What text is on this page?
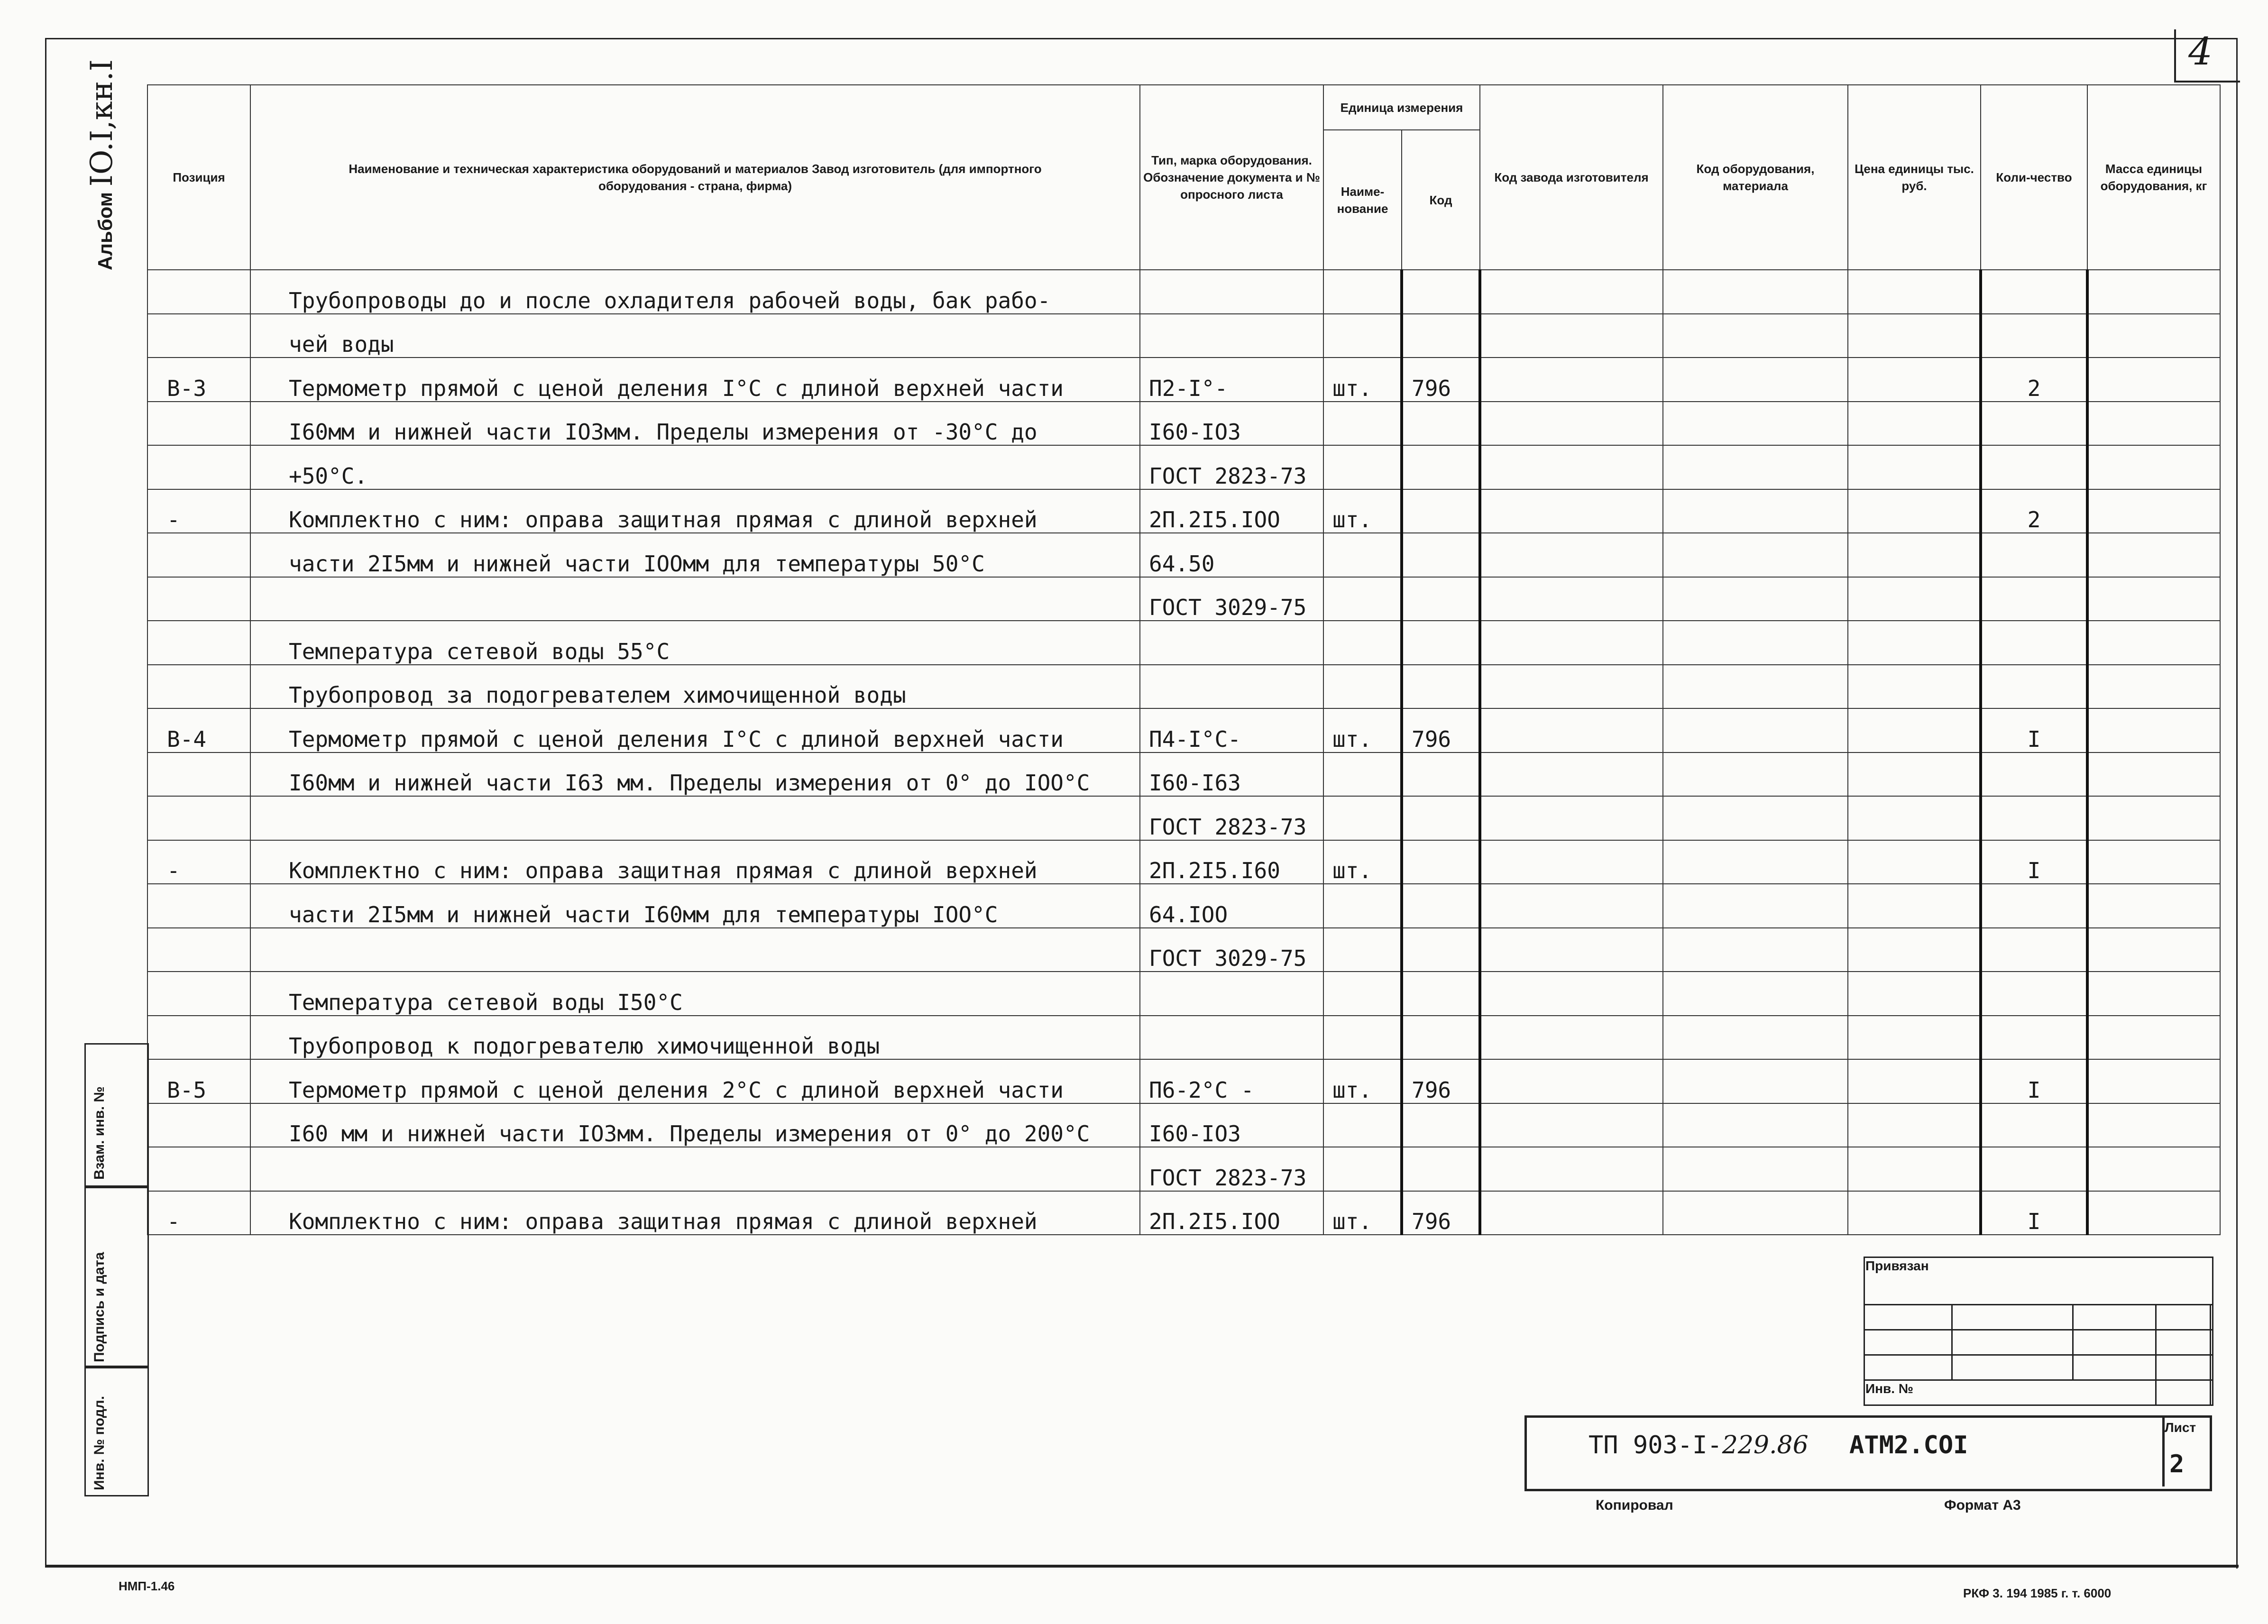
4
Альбом IO.I,кн.I	Позиция	Наименование и техническая характеристика оборудований и материалов Завод изготовитель (для импортного оборудования - страна, фирма)	Тип, марка оборудования. Обозначение документа и № опросного листа	Единица измерения		Код завода изготовителя	Код оборудования, материала	Цена единицы тыс. руб.	Коли-чество	Масса единицы оборудования, кг
			Наиме-нование	Код					
	Трубопроводы до и после охладителя рабочей воды, бак рабо-								
	чей воды								
В-3	Термометр прямой с ценой деления I°С с длиной верхней части	П2-I°-	шт.	796				2	
	I60мм и нижней части IO3мм. Пределы измерения от -30°С до	I60-IO3							
	+50°С.	ГОСТ 2823-73							
-	Комплектно с ним: оправа защитная прямая с длиной верхней	2П.2I5.IOO	шт.					2	
	части 2I5мм и нижней части IOOмм для температуры 50°С	64.50							
		ГОСТ 3029-75							
	Температура сетевой воды 55°С								
	Трубопровод за подогревателем химочищенной воды								
В-4	Термометр прямой с ценой деления I°С с длиной верхней части	П4-I°С-	шт.	796				I	
	I60мм и нижней части I63 мм. Пределы измерения от 0° до IOO°С	I60-I63							
		ГОСТ 2823-73							
-	Комплектно с ним: оправа защитная прямая с длиной верхней	2П.2I5.I60	шт.					I	
	части 2I5мм и нижней части I60мм для температуры IOO°С	64.IOO							
		ГОСТ 3029-75							
	Температура сетевой воды I50°С								
	Трубопровод к подогревателю химочищенной воды								
В-5	Термометр прямой с ценой деления 2°С с длиной верхней части	П6-2°С -	шт.	796				I	
	I60 мм и нижней части IO3мм. Пределы измерения от 0° до 200°С	I60-IO3							
		ГОСТ 2823-73							
-	Комплектно с ним: оправа защитная прямая с длиной верхней	2П.2I5.IOO	шт.	796				I	
Взам. инв. №
Подпись и дата
Инв. № подл.
Привязан				

Инв. №				
ТП 903-I-229.86 АТМ2.СОI
Лист
2
Копировал	Формат А3
НМП-1.46	РКФ 3. 194 1985 г. т. 6000
